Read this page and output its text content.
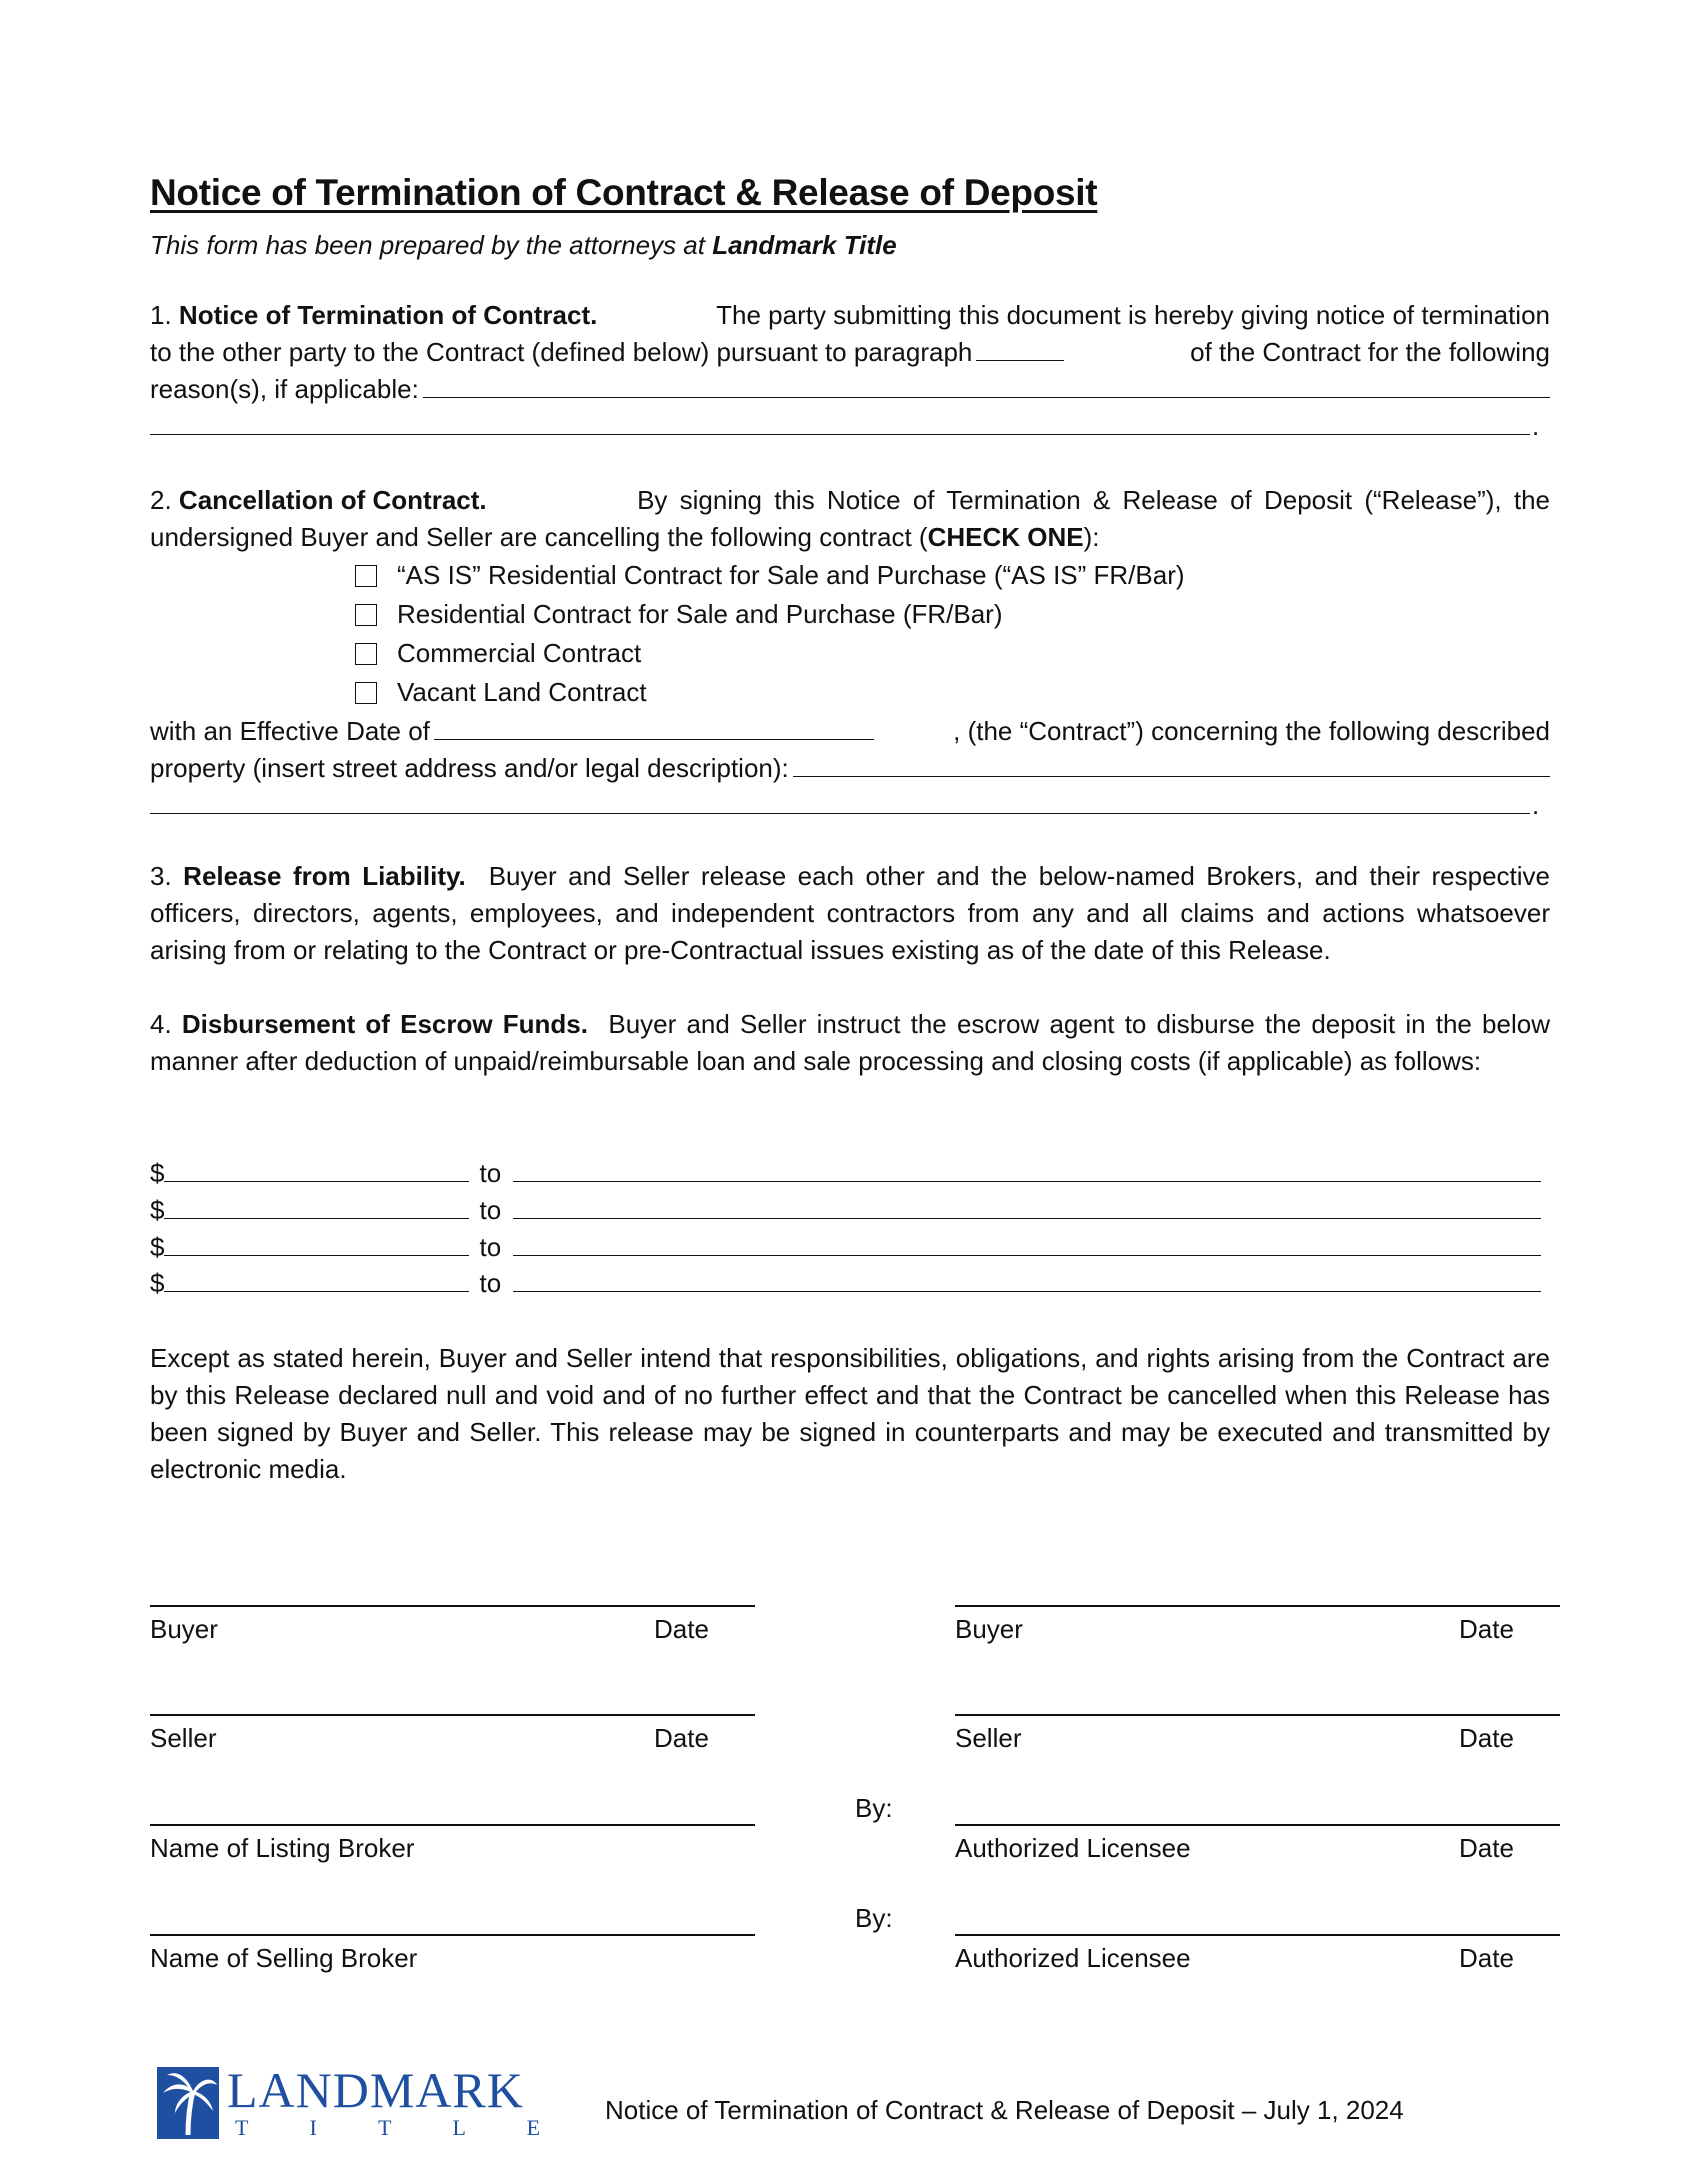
Notice of Termination of Contract & Release of Deposit
This form has been prepared by the attorneys at Landmark Title
1. Notice of Termination of Contract.	The party submitting this document is hereby giving notice of termination
to the other party to the Contract (defined below) pursuant to paragraph	of the Contract for the following
reason(s), if applicable:
.
2. Cancellation of Contract.	By signing this Notice of Termination & Release of Deposit (“Release”), the
undersigned Buyer and Seller are cancelling the following contract ( CHECK ONE ):
“AS IS” Residential Contract for Sale and Purchase (“AS IS” FR/Bar)
Residential Contract for Sale and Purchase (FR/Bar)
Commercial Contract
Vacant Land Contract
with an Effective Date of	, (the “Contract”) concerning the following described
property (insert street address and/or legal description):
.
3. Release from Liability. Buyer and Seller release each other and the below-named Brokers, and their respective officers, directors, agents, employees, and independent contractors from any and all claims and actions whatsoever arising from or relating to the Contract or pre-Contractual issues existing as of the date of this Release.
4. Disbursement of Escrow Funds. Buyer and Seller instruct the escrow agent to disburse the deposit in the below manner after deduction of unpaid/reimbursable loan and sale processing and closing costs (if applicable) as follows:
$	to
$	to
$	to
$	to
Except as stated herein, Buyer and Seller intend that responsibilities, obligations, and rights arising from the Contract are by this Release declared null and void and of no further effect and that the Contract be cancelled when this Release has been signed by Buyer and Seller. This release may be signed in counterparts and may be executed and transmitted by electronic media.
Buyer	Date	Buyer	Date
Seller	Date	Seller	Date
By:
Name of Listing Broker	Authorized Licensee	Date
By:
Name of Selling Broker	Authorized Licensee	Date
LANDMARK
T I T L E
Notice of Termination of Contract & Release of Deposit – July 1, 2024
